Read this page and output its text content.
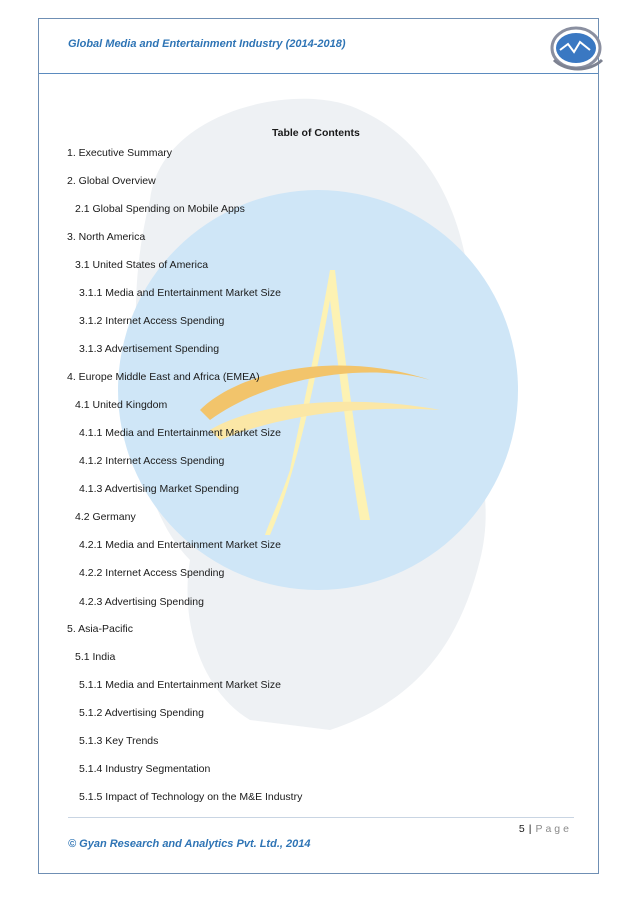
Global Media and Entertainment Industry (2014-2018)
Table of Contents
1. Executive Summary
2. Global Overview
2.1 Global Spending on Mobile Apps
3. North America
3.1 United States of America
3.1.1 Media and Entertainment Market Size
3.1.2 Internet Access Spending
3.1.3 Advertisement Spending
4. Europe Middle East and Africa (EMEA)
4.1 United Kingdom
4.1.1 Media and Entertainment Market Size
4.1.2 Internet Access Spending
4.1.3 Advertising Market Spending
4.2 Germany
4.2.1 Media and Entertainment Market Size
4.2.2 Internet Access Spending
4.2.3 Advertising Spending
5. Asia-Pacific
5.1 India
5.1.1 Media and Entertainment Market Size
5.1.2 Advertising Spending
5.1.3 Key Trends
5.1.4 Industry Segmentation
5.1.5 Impact of Technology on the M&E Industry
5 | Page
© Gyan Research and Analytics Pvt. Ltd., 2014
